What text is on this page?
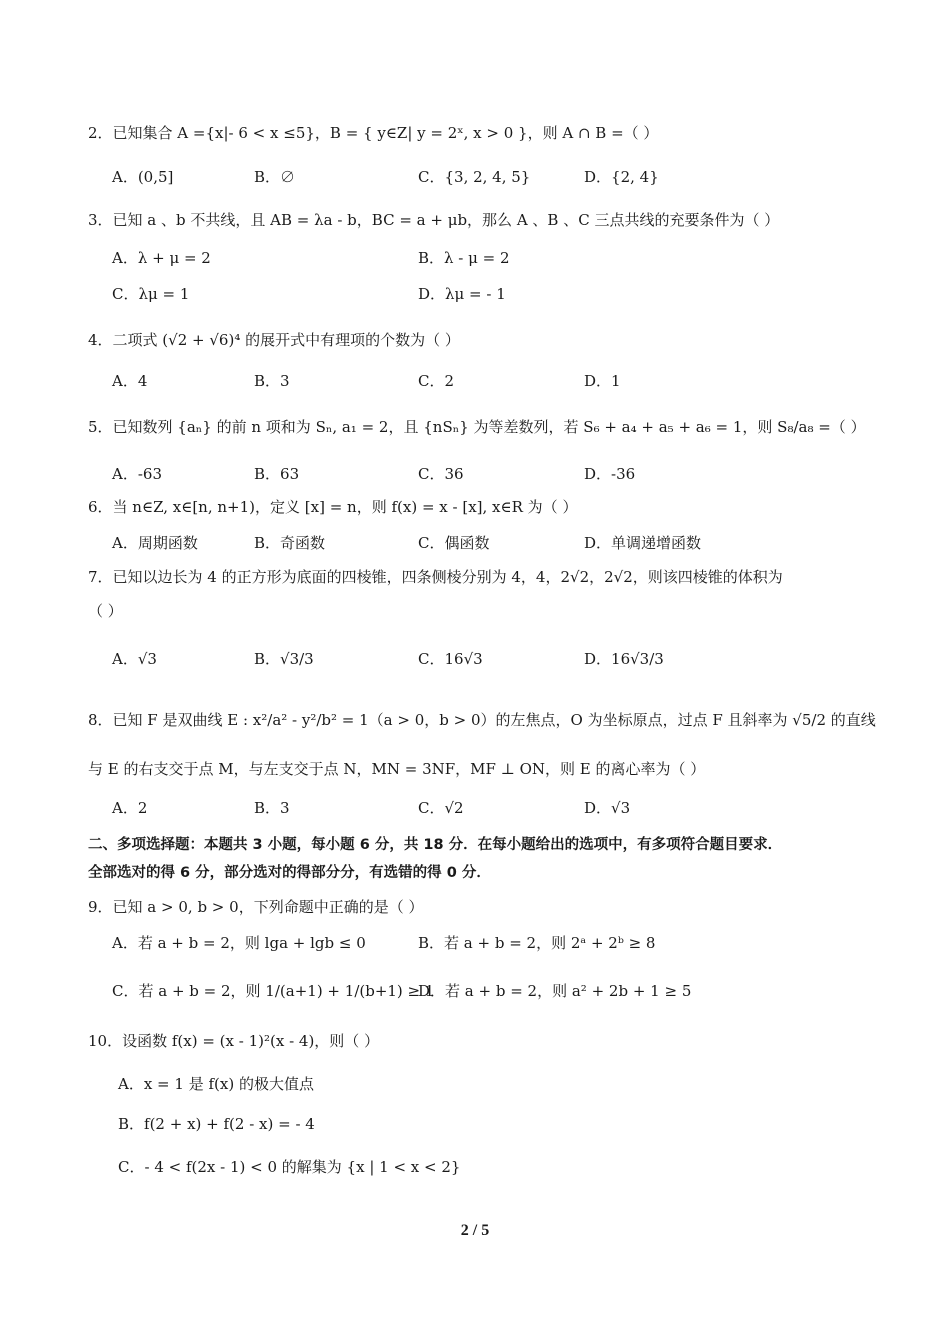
2．已知集合 A ={x|- 6 < x ≤5}，B = { y∈Z| y = 2ˣ, x > 0 }，则 A ∩ B =（ ）
A．(0,5]	B．∅	C．{3, 2, 4, 5}	D．{2, 4}
3．已知 a 、b 不共线，且 AB = λa - b，BC = a + μb，那么 A 、B 、C 三点共线的充要条件为（ ）
A．λ + μ = 2	B．λ - μ = 2
C．λμ = 1	D．λμ = - 1
4．二项式 (√2 + √6)⁴ 的展开式中有理项的个数为（ ）
A．4	B．3	C．2	D．1
5．已知数列 {aₙ} 的前 n 项和为 Sₙ, a₁ = 2，且 {nSₙ} 为等差数列，若 S₆ + a₄ + a₅ + a₆ = 1，则 S₈/a₈ =（ ）
A．-63	B．63	C．36	D．-36
6．当 n∈Z, x∈[n, n+1)，定义 [x] = n，则 f(x) = x - [x], x∈R 为（ ）
A．周期函数	B．奇函数	C．偶函数	D．单调递增函数
7．已知以边长为 4 的正方形为底面的四棱锥，四条侧棱分别为 4，4，2√2，2√2，则该四棱锥的体积为
（ ）
A．√3	B．√3/3	C．16√3	D．16√3/3
8．已知 F 是双曲线 E : x²/a² - y²/b² = 1（a > 0，b > 0）的左焦点，O 为坐标原点，过点 F 且斜率为 √5/2 的直线
与 E 的右支交于点 M，与左支交于点 N，MN = 3NF，MF ⊥ ON，则 E 的离心率为（ ）
A．2	B．3	C．√2	D．√3
二、多项选择题：本题共 3 小题，每小题 6 分，共 18 分．在每小题给出的选项中，有多项符合题目要求．
全部选对的得 6 分，部分选对的得部分分，有选错的得 0 分．
9．已知 a > 0, b > 0，下列命题中正确的是（ ）
A．若 a + b = 2，则 lga + lgb ≤ 0	B．若 a + b = 2，则 2ᵃ + 2ᵇ ≥ 8
C．若 a + b = 2，则 1/(a+1) + 1/(b+1) ≥ 1
D．若 a + b = 2，则 a² + 2b + 1 ≥ 5
10．设函数 f(x) = (x - 1)²(x - 4)，则（ ）
A．x = 1 是 f(x) 的极大值点
B．f(2 + x) + f(2 - x) = - 4
C．- 4 < f(2x - 1) < 0 的解集为 {x | 1 < x < 2}
2 / 5
